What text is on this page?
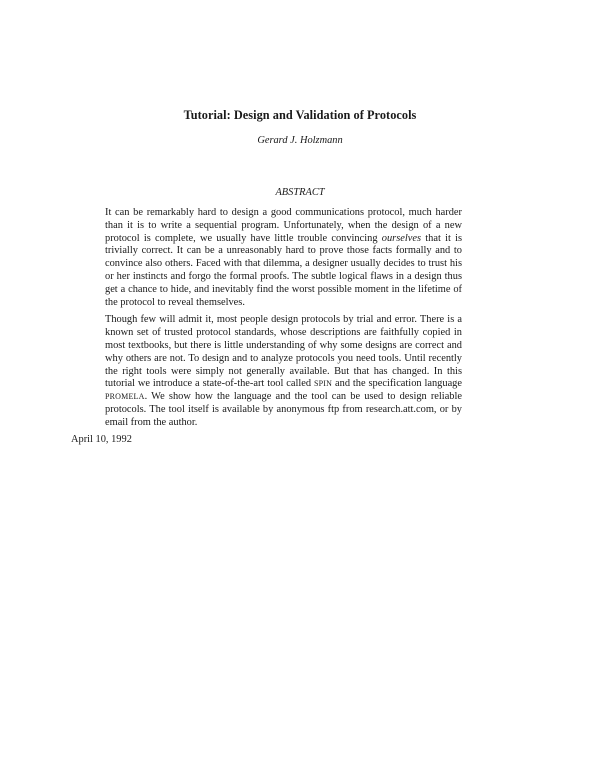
Tutorial: Design and Validation of Protocols
Gerard J. Holzmann
ABSTRACT

It can be remarkably hard to design a good communications protocol, much harder than it is to write a sequential program. Unfortunately, when the design of a new protocol is complete, we usually have little trouble convincing ourselves that it is trivially correct. It can be a unreasonably hard to prove those facts formally and to convince also others. Faced with that dilemma, a designer usually decides to trust his or her instincts and forgo the formal proofs. The subtle logical flaws in a design thus get a chance to hide, and inevitably find the worst possible moment in the lifetime of the protocol to reveal themselves.

Though few will admit it, most people design protocols by trial and error. There is a known set of trusted protocol standards, whose descriptions are faithfully copied in most textbooks, but there is little understanding of why some designs are correct and why others are not. To design and to analyze protocols you need tools. Until recently the right tools were simply not generally available. But that has changed. In this tutorial we introduce a state-of-the-art tool called SPIN and the specification language PROMELA. We show how the language and the tool can be used to design reliable protocols. The tool itself is available by anonymous ftp from research.att.com, or by email from the author.

April 10, 1992
